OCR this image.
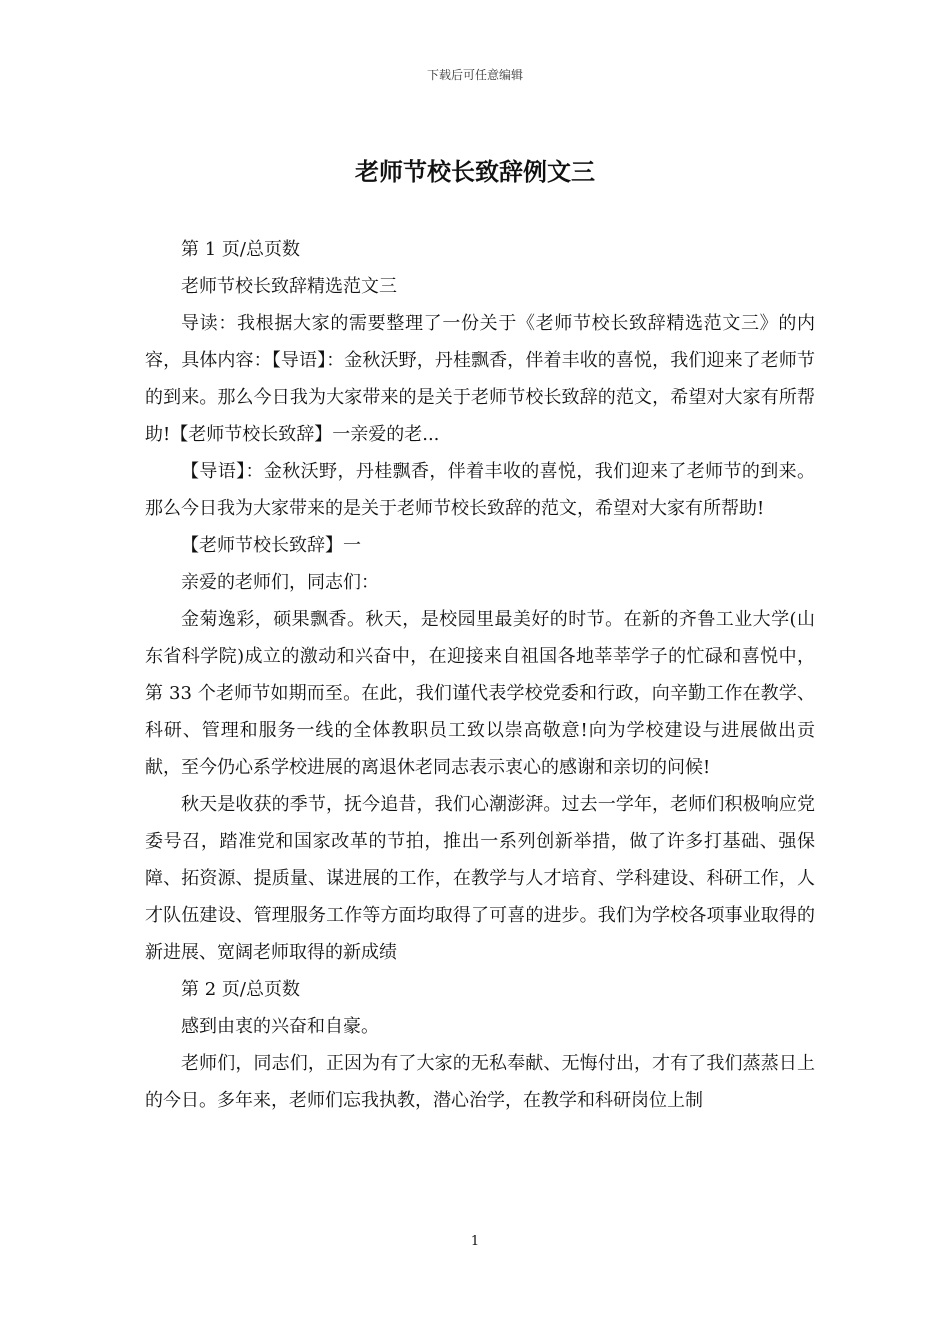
下载后可任意编辑
老师节校长致辞例文三

第 1 页/总页数

老师节校长致辞精选范文三

导读：我根据大家的需要整理了一份关于《老师节校长致辞精选范文三》的内容，具体内容：【导语】：金秋沃野，丹桂飘香，伴着丰收的喜悦，我们迎来了老师节的到来。那么今日我为大家带来的是关于老师节校长致辞的范文，希望对大家有所帮助!【老师节校长致辞】一亲爱的老...

【导语】：金秋沃野，丹桂飘香，伴着丰收的喜悦，我们迎来了老师节的到来。那么今日我为大家带来的是关于老师节校长致辞的范文，希望对大家有所帮助!

【老师节校长致辞】一

亲爱的老师们，同志们：

金菊逸彩，硕果飘香。秋天，是校园里最美好的时节。在新的齐鲁工业大学(山东省科学院)成立的激动和兴奋中，在迎接来自祖国各地莘莘学子的忙碌和喜悦中，第 33 个老师节如期而至。在此，我们谨代表学校党委和行政，向辛勤工作在教学、科研、管理和服务一线的全体教职员工致以崇高敬意!向为学校建设与进展做出贡献，至今仍心系学校进展的离退休老同志表示衷心的感谢和亲切的问候!

秋天是收获的季节，抚今追昔，我们心潮澎湃。过去一学年，老师们积极响应党委号召，踏准党和国家改革的节拍，推出一系列创新举措，做了许多打基础、强保障、拓资源、提质量、谋进展的工作，在教学与人才培育、学科建设、科研工作，人才队伍建设、管理服务工作等方面均取得了可喜的进步。我们为学校各项事业取得的新进展、宽阔老师取得的新成绩

第 2 页/总页数

感到由衷的兴奋和自豪。

老师们，同志们，正因为有了大家的无私奉献、无悔付出，才有了我们蒸蒸日上的今日。多年来，老师们忘我执教，潜心治学，在教学和科研岗位上制

1
